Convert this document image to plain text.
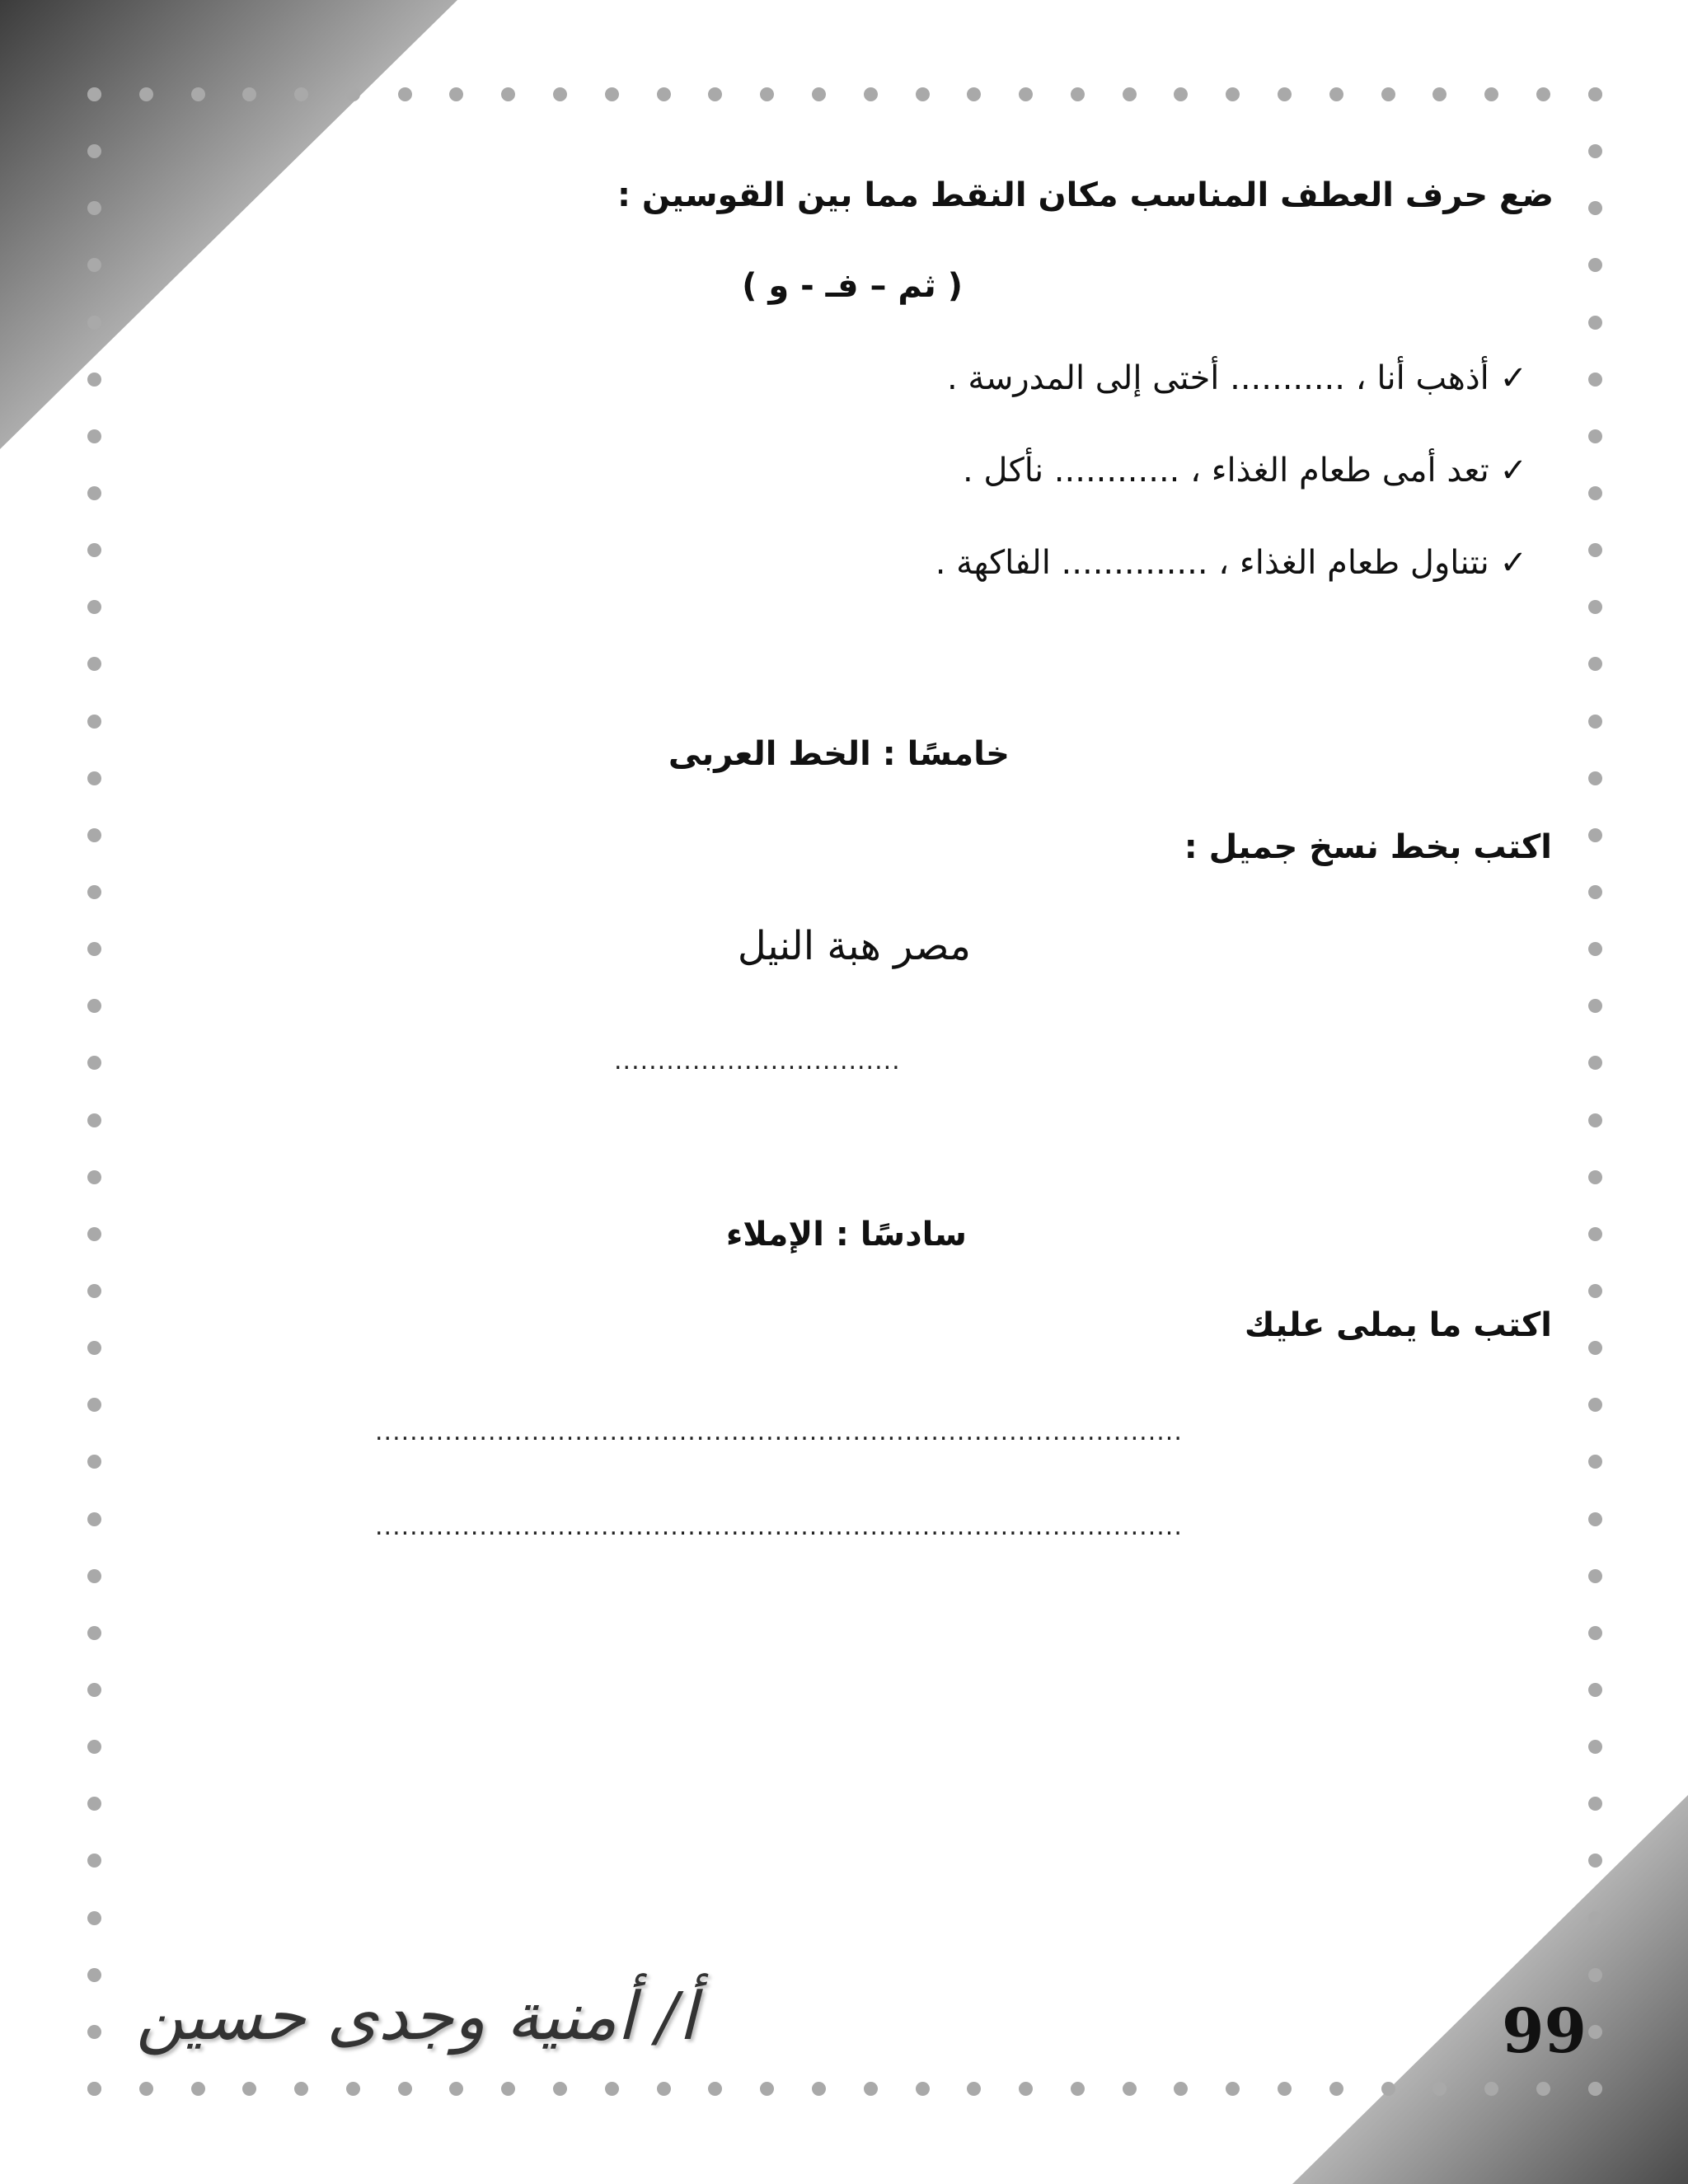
ضع حرف العطف المناسب مكان النقط مما بين القوسين :
( ثم – فـ - و )
✓ أذهب أنا ، ........... أختى إلى المدرسة .
✓ تعد أمى طعام الغذاء ، ............ نأكل .
✓ نتناول طعام الغذاء ، .............. الفاكهة .
خامسًا : الخط العربى
اكتب بخط نسخ جميل :
مصر هبة النيل
.................................
سادسًا : الإملاء
اكتب ما يملى عليك
.............................................................................................
.............................................................................................
99
أ/ أمنية وجدى حسين
